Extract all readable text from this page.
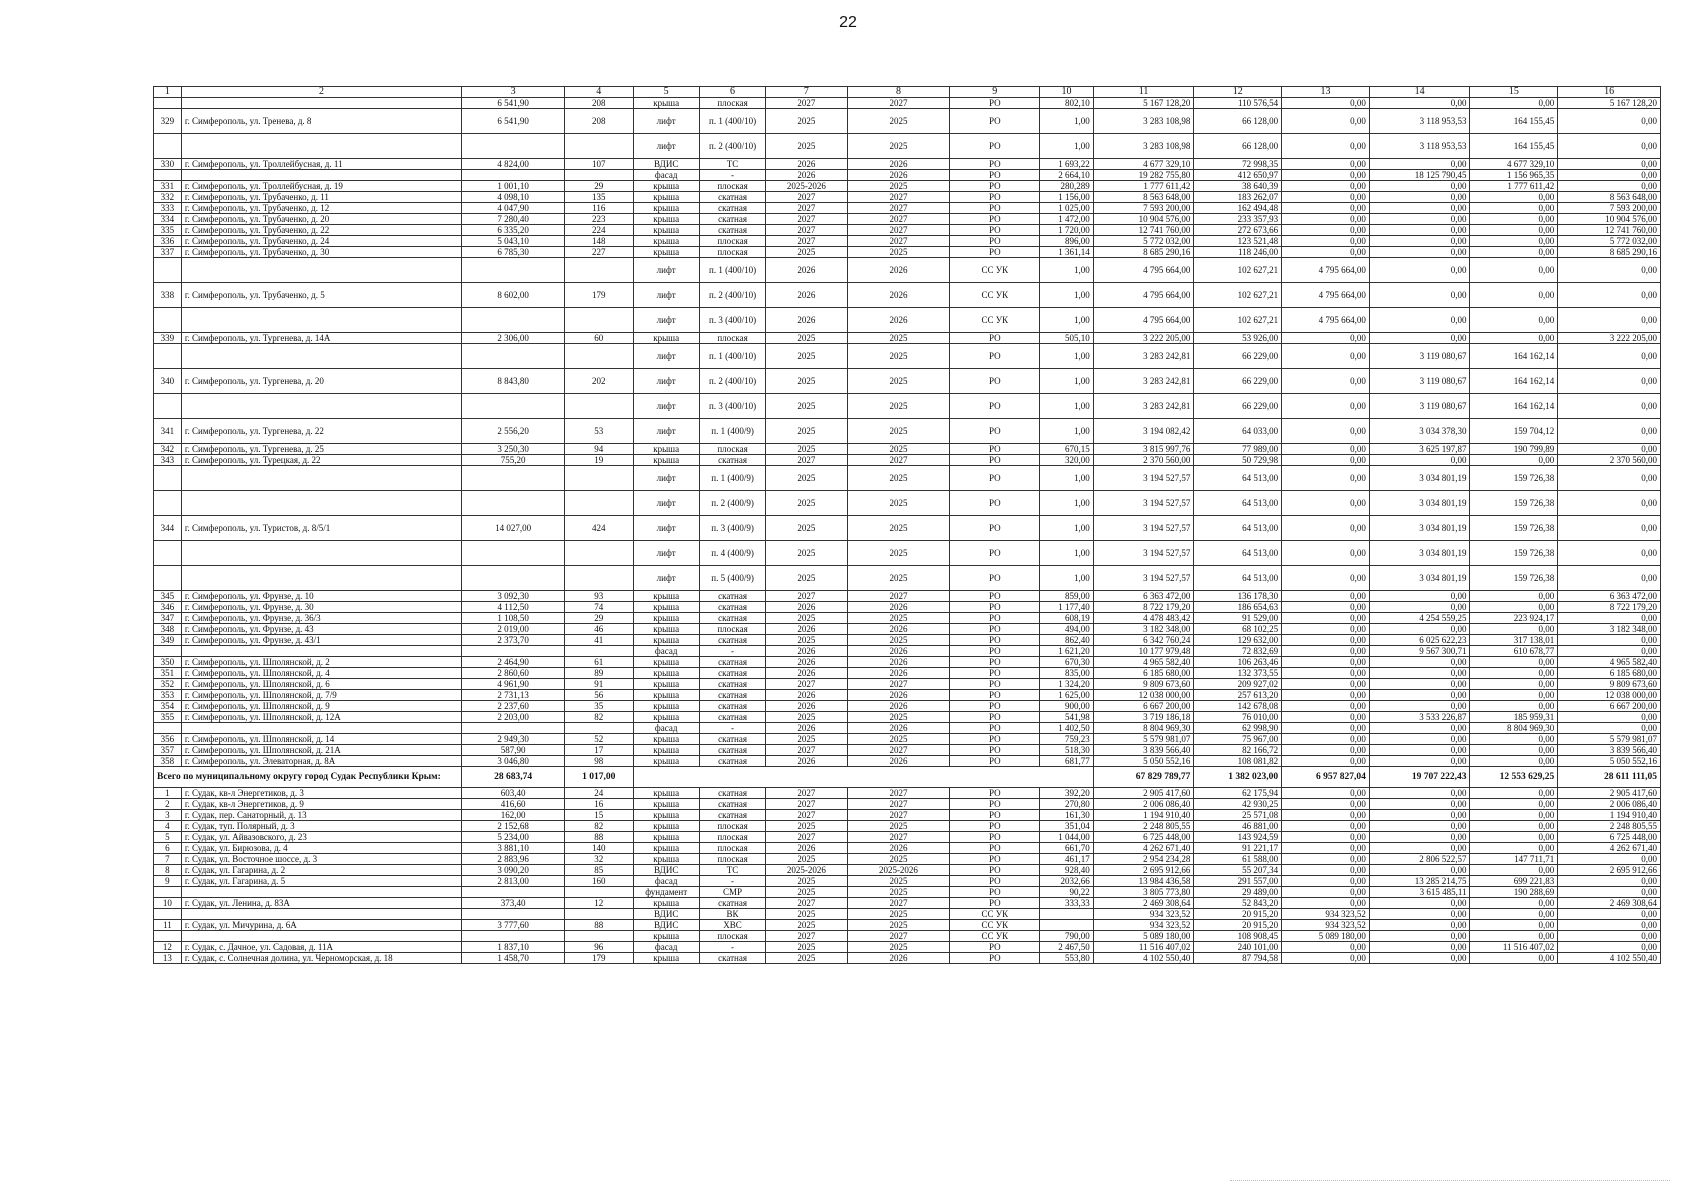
22
1	2	3	4	5	6	7	8	9	10	11	12	13	14	15	16
		6 541,90	208	крыша	плоская	2027	2027	РО	802,10	5 167 128,20	110 576,54	0,00	0,00	0,00	5 167 128,20
329	г. Симферополь, ул. Тренева, д. 8	6 541,90	208	лифт	п. 1 (400/10)	2025	2025	РО	1,00	3 283 108,98	66 128,00	0,00	3 118 953,53	164 155,45	0,00
				лифт	п. 2 (400/10)	2025	2025	РО	1,00	3 283 108,98	66 128,00	0,00	3 118 953,53	164 155,45	0,00
330	г. Симферополь, ул. Троллейбусная, д. 11	4 824,00	107	ВДИС	ТС	2026	2026	РО	1 693,22	4 677 329,10	72 998,35	0,00	0,00	4 677 329,10	0,00
				фасад	-	2026	2026	РО	2 664,10	19 282 755,80	412 650,97	0,00	18 125 790,45	1 156 965,35	0,00
331	г. Симферополь, ул. Троллейбусная, д. 19	1 001,10	29	крыша	плоская	2025-2026	2025	РО	280,289	1 777 611,42	38 640,39	0,00	0,00	1 777 611,42	0,00
332	г. Симферополь, ул. Трубаченко, д. 11	4 098,10	135	крыша	скатная	2027	2027	РО	1 156,00	8 563 648,00	183 262,07	0,00	0,00	0,00	8 563 648,00
333	г. Симферополь, ул. Трубаченко, д. 12	4 047,90	116	крыша	скатная	2027	2027	РО	1 025,00	7 593 200,00	162 494,48	0,00	0,00	0,00	7 593 200,00
334	г. Симферополь, ул. Трубаченко, д. 20	7 280,40	223	крыша	скатная	2027	2027	РО	1 472,00	10 904 576,00	233 357,93	0,00	0,00	0,00	10 904 576,00
335	г. Симферополь, ул. Трубаченко, д. 22	6 335,20	224	крыша	скатная	2027	2027	РО	1 720,00	12 741 760,00	272 673,66	0,00	0,00	0,00	12 741 760,00
336	г. Симферополь, ул. Трубаченко, д. 24	5 043,10	148	крыша	плоская	2027	2027	РО	896,00	5 772 032,00	123 521,48	0,00	0,00	0,00	5 772 032,00
337	г. Симферополь, ул. Трубаченко, д. 30	6 785,30	227	крыша	плоская	2025	2025	РО	1 361,14	8 685 290,16	118 246,00	0,00	0,00	0,00	8 685 290,16
				лифт	п. 1 (400/10)	2026	2026	СС УК	1,00	4 795 664,00	102 627,21	4 795 664,00	0,00	0,00	0,00
338	г. Симферополь, ул. Трубаченко, д. 5	8 602,00	179	лифт	п. 2 (400/10)	2026	2026	СС УК	1,00	4 795 664,00	102 627,21	4 795 664,00	0,00	0,00	0,00
				лифт	п. 3 (400/10)	2026	2026	СС УК	1,00	4 795 664,00	102 627,21	4 795 664,00	0,00	0,00	0,00
339	г. Симферополь, ул. Тургенева, д. 14А	2 306,00	60	крыша	плоская	2025	2025	РО	505,10	3 222 205,00	53 926,00	0,00	0,00	0,00	3 222 205,00
				лифт	п. 1 (400/10)	2025	2025	РО	1,00	3 283 242,81	66 229,00	0,00	3 119 080,67	164 162,14	0,00
340	г. Симферополь, ул. Тургенева, д. 20	8 843,80	202	лифт	п. 2 (400/10)	2025	2025	РО	1,00	3 283 242,81	66 229,00	0,00	3 119 080,67	164 162,14	0,00
				лифт	п. 3 (400/10)	2025	2025	РО	1,00	3 283 242,81	66 229,00	0,00	3 119 080,67	164 162,14	0,00
341	г. Симферополь, ул. Тургенева, д. 22	2 556,20	53	лифт	п. 1 (400/9)	2025	2025	РО	1,00	3 194 082,42	64 033,00	0,00	3 034 378,30	159 704,12	0,00
342	г. Симферополь, ул. Тургенева, д. 25	3 250,30	94	крыша	плоская	2025	2025	РО	670,15	3 815 997,76	77 989,00	0,00	3 625 197,87	190 799,89	0,00
343	г. Симферополь, ул. Турецкая, д. 22	755,20	19	крыша	скатная	2027	2027	РО	320,00	2 370 560,00	50 729,98	0,00	0,00	0,00	2 370 560,00
				лифт	п. 1 (400/9)	2025	2025	РО	1,00	3 194 527,57	64 513,00	0,00	3 034 801,19	159 726,38	0,00
				лифт	п. 2 (400/9)	2025	2025	РО	1,00	3 194 527,57	64 513,00	0,00	3 034 801,19	159 726,38	0,00
344	г. Симферополь, ул. Туристов, д. 8/5/1	14 027,00	424	лифт	п. 3 (400/9)	2025	2025	РО	1,00	3 194 527,57	64 513,00	0,00	3 034 801,19	159 726,38	0,00
				лифт	п. 4 (400/9)	2025	2025	РО	1,00	3 194 527,57	64 513,00	0,00	3 034 801,19	159 726,38	0,00
				лифт	п. 5 (400/9)	2025	2025	РО	1,00	3 194 527,57	64 513,00	0,00	3 034 801,19	159 726,38	0,00
345	г. Симферополь, ул. Фрунзе, д. 10	3 092,30	93	крыша	скатная	2027	2027	РО	859,00	6 363 472,00	136 178,30	0,00	0,00	0,00	6 363 472,00
346	г. Симферополь, ул. Фрунзе, д. 30	4 112,50	74	крыша	скатная	2026	2026	РО	1 177,40	8 722 179,20	186 654,63	0,00	0,00	0,00	8 722 179,20
347	г. Симферополь, ул. Фрунзе, д. 36/3	1 108,50	29	крыша	скатная	2025	2025	РО	608,19	4 478 483,42	91 529,00	0,00	4 254 559,25	223 924,17	0,00
348	г. Симферополь, ул. Фрунзе, д. 43	2 019,00	46	крыша	плоская	2026	2026	РО	494,00	3 182 348,00	68 102,25	0,00	0,00	0,00	3 182 348,00
349	г. Симферополь, ул. Фрунзе, д. 43/1	2 373,70	41	крыша	скатная	2025	2025	РО	862,40	6 342 760,24	129 632,00	0,00	6 025 622,23	317 138,01	0,00
				фасад	-	2026	2026	РО	1 621,20	10 177 979,48	72 832,69	0,00	9 567 300,71	610 678,77	0,00
350	г. Симферополь, ул. Шполянской, д. 2	2 464,90	61	крыша	скатная	2026	2026	РО	670,30	4 965 582,40	106 263,46	0,00	0,00	0,00	4 965 582,40
351	г. Симферополь, ул. Шполянской, д. 4	2 860,60	89	крыша	скатная	2026	2026	РО	835,00	6 185 680,00	132 373,55	0,00	0,00	0,00	6 185 680,00
352	г. Симферополь, ул. Шполянской, д. 6	4 961,90	91	крыша	скатная	2027	2027	РО	1 324,20	9 809 673,60	209 927,02	0,00	0,00	0,00	9 809 673,60
353	г. Симферополь, ул. Шполянской, д. 7/9	2 731,13	56	крыша	скатная	2026	2026	РО	1 625,00	12 038 000,00	257 613,20	0,00	0,00	0,00	12 038 000,00
354	г. Симферополь, ул. Шполянской, д. 9	2 237,60	35	крыша	скатная	2026	2026	РО	900,00	6 667 200,00	142 678,08	0,00	0,00	0,00	6 667 200,00
355	г. Симферополь, ул. Шполянской, д. 12А	2 203,00	82	крыша	скатная	2025	2025	РО	541,98	3 719 186,18	76 010,00	0,00	3 533 226,87	185 959,31	0,00
				фасад	-	2026	2026	РО	1 402,50	8 804 969,30	62 998,90	0,00	0,00	8 804 969,30	0,00
356	г. Симферополь, ул. Шполянской, д. 14	2 949,30	52	крыша	скатная	2025	2025	РО	759,23	5 579 981,07	75 967,00	0,00	0,00	0,00	5 579 981,07
357	г. Симферополь, ул. Шполянской, д. 21А	587,90	17	крыша	скатная	2027	2027	РО	518,30	3 839 566,40	82 166,72	0,00	0,00	0,00	3 839 566,40
358	г. Симферополь, ул. Элеваторная, д. 8А	3 046,80	98	крыша	скатная	2026	2026	РО	681,77	5 050 552,16	108 081,82	0,00	0,00	0,00	5 050 552,16
Всего по муниципальному округу город Судак Республики Крым:		28 683,74	1 017,00							67 829 789,77	1 382 023,00	6 957 827,04	19 707 222,43	12 553 629,25	28 611 111,05
1	г. Судак, кв-л Энергетиков, д. 3	603,40	24	крыша	скатная	2027	2027	РО	392,20	2 905 417,60	62 175,94	0,00	0,00	0,00	2 905 417,60
2	г. Судак, кв-л Энергетиков, д. 9	416,60	16	крыша	скатная	2027	2027	РО	270,80	2 006 086,40	42 930,25	0,00	0,00	0,00	2 006 086,40
3	г. Судак, пер. Санаторный, д. 13	162,00	15	крыша	скатная	2027	2027	РО	161,30	1 194 910,40	25 571,08	0,00	0,00	0,00	1 194 910,40
4	г. Судак, туп. Полярный, д. 3	2 152,68	82	крыша	плоская	2025	2025	РО	351,04	2 248 805,55	46 881,00	0,00	0,00	0,00	2 248 805,55
5	г. Судак, ул. Айвазовского, д. 23	5 234,00	88	крыша	плоская	2027	2027	РО	1 044,00	6 725 448,00	143 924,59	0,00	0,00	0,00	6 725 448,00
6	г. Судак, ул. Бирюзова, д. 4	3 881,10	140	крыша	плоская	2026	2026	РО	661,70	4 262 671,40	91 221,17	0,00	0,00	0,00	4 262 671,40
7	г. Судак, ул. Восточное шоссе, д. 3	2 883,96	32	крыша	плоская	2025	2025	РО	461,17	2 954 234,28	61 588,00	0,00	2 806 522,57	147 711,71	0,00
8	г. Судак, ул. Гагарина, д. 2	3 090,20	85	ВДИС	ТС	2025-2026	2025-2026	РО	928,40	2 695 912,66	55 207,34	0,00	0,00	0,00	2 695 912,66
9	г. Судак, ул. Гагарина, д. 5	2 813,00	160	фасад	-	2025	2025	РО	2032,66	13 984 436,58	291 557,00	0,00	13 285 214,75	699 221,83	0,00
				фундамент	СМР	2025	2025	РО	90,22	3 805 773,80	29 489,00	0,00	3 615 485,11	190 288,69	0,00
10	г. Судак, ул. Ленина, д. 83А	373,40	12	крыша	скатная	2027	2027	РО	333,33	2 469 308,64	52 843,20	0,00	0,00	0,00	2 469 308,64
				ВДИС	ВК	2025	2025	СС УК		934 323,52	20 915,20	934 323,52	0,00	0,00	0,00
11	г. Судак, ул. Мичурина, д. 6А	3 777,60	88	ВДИС	ХВС	2025	2025	СС УК		934 323,52	20 915,20	934 323,52	0,00	0,00	0,00
				крыша	плоская	2027	2027	СС УК	790,00	5 089 180,00	108 908,45	5 089 180,00	0,00	0,00	0,00
12	г. Судак, с. Дачное, ул. Садовая, д. 11А	1 837,10	96	фасад	-	2025	2025	РО	2 467,50	11 516 407,02	240 101,00	0,00	0,00	11 516 407,02	0,00
13	г. Судак, с. Солнечная долина, ул. Черноморская, д. 18	1 458,70	179	крыша	скатная	2025	2026	РО	553,80	4 102 550,40	87 794,58	0,00	0,00	0,00	4 102 550,40
